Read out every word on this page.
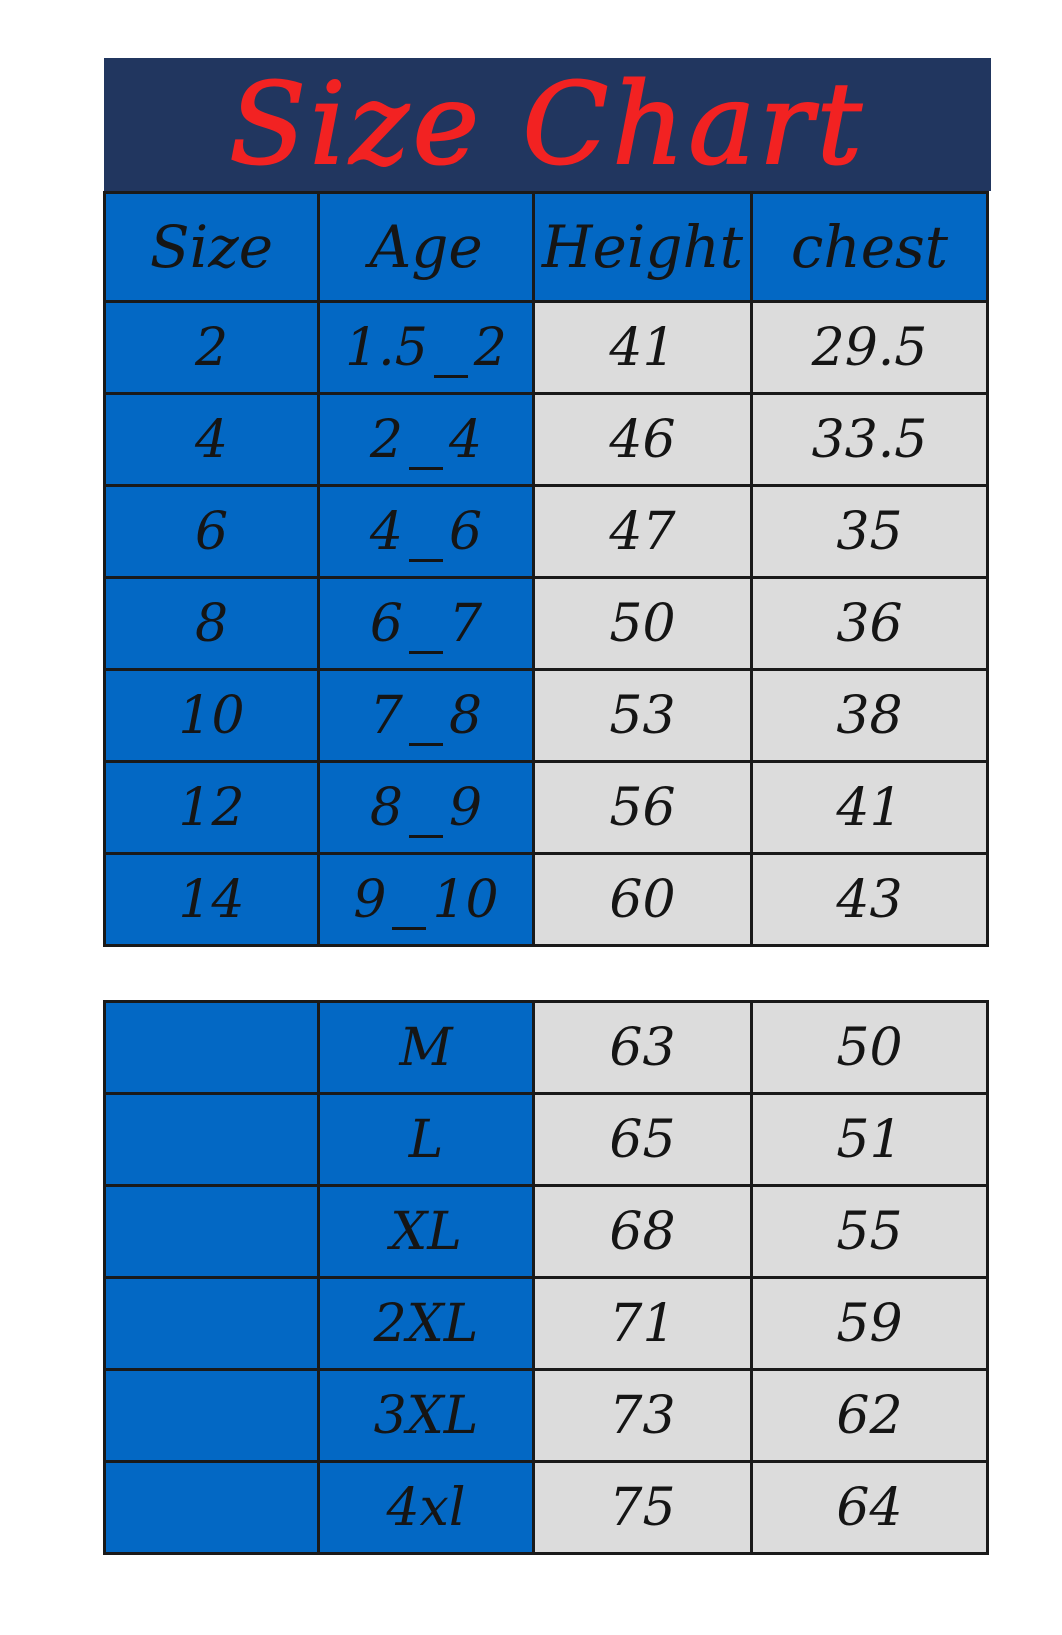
Size Chart
Size	Age	Height	chest
2	1.5 2	41	29.5
4	2 4	46	33.5
6	4 6	47	35
8	6 7	50	36
10	7 8	53	38
12	8 9	56	41
14	9 10	60	43
	M	63	50
	L	65	51
	XL	68	55
	2XL	71	59
	3XL	73	62
	4xl	75	64
